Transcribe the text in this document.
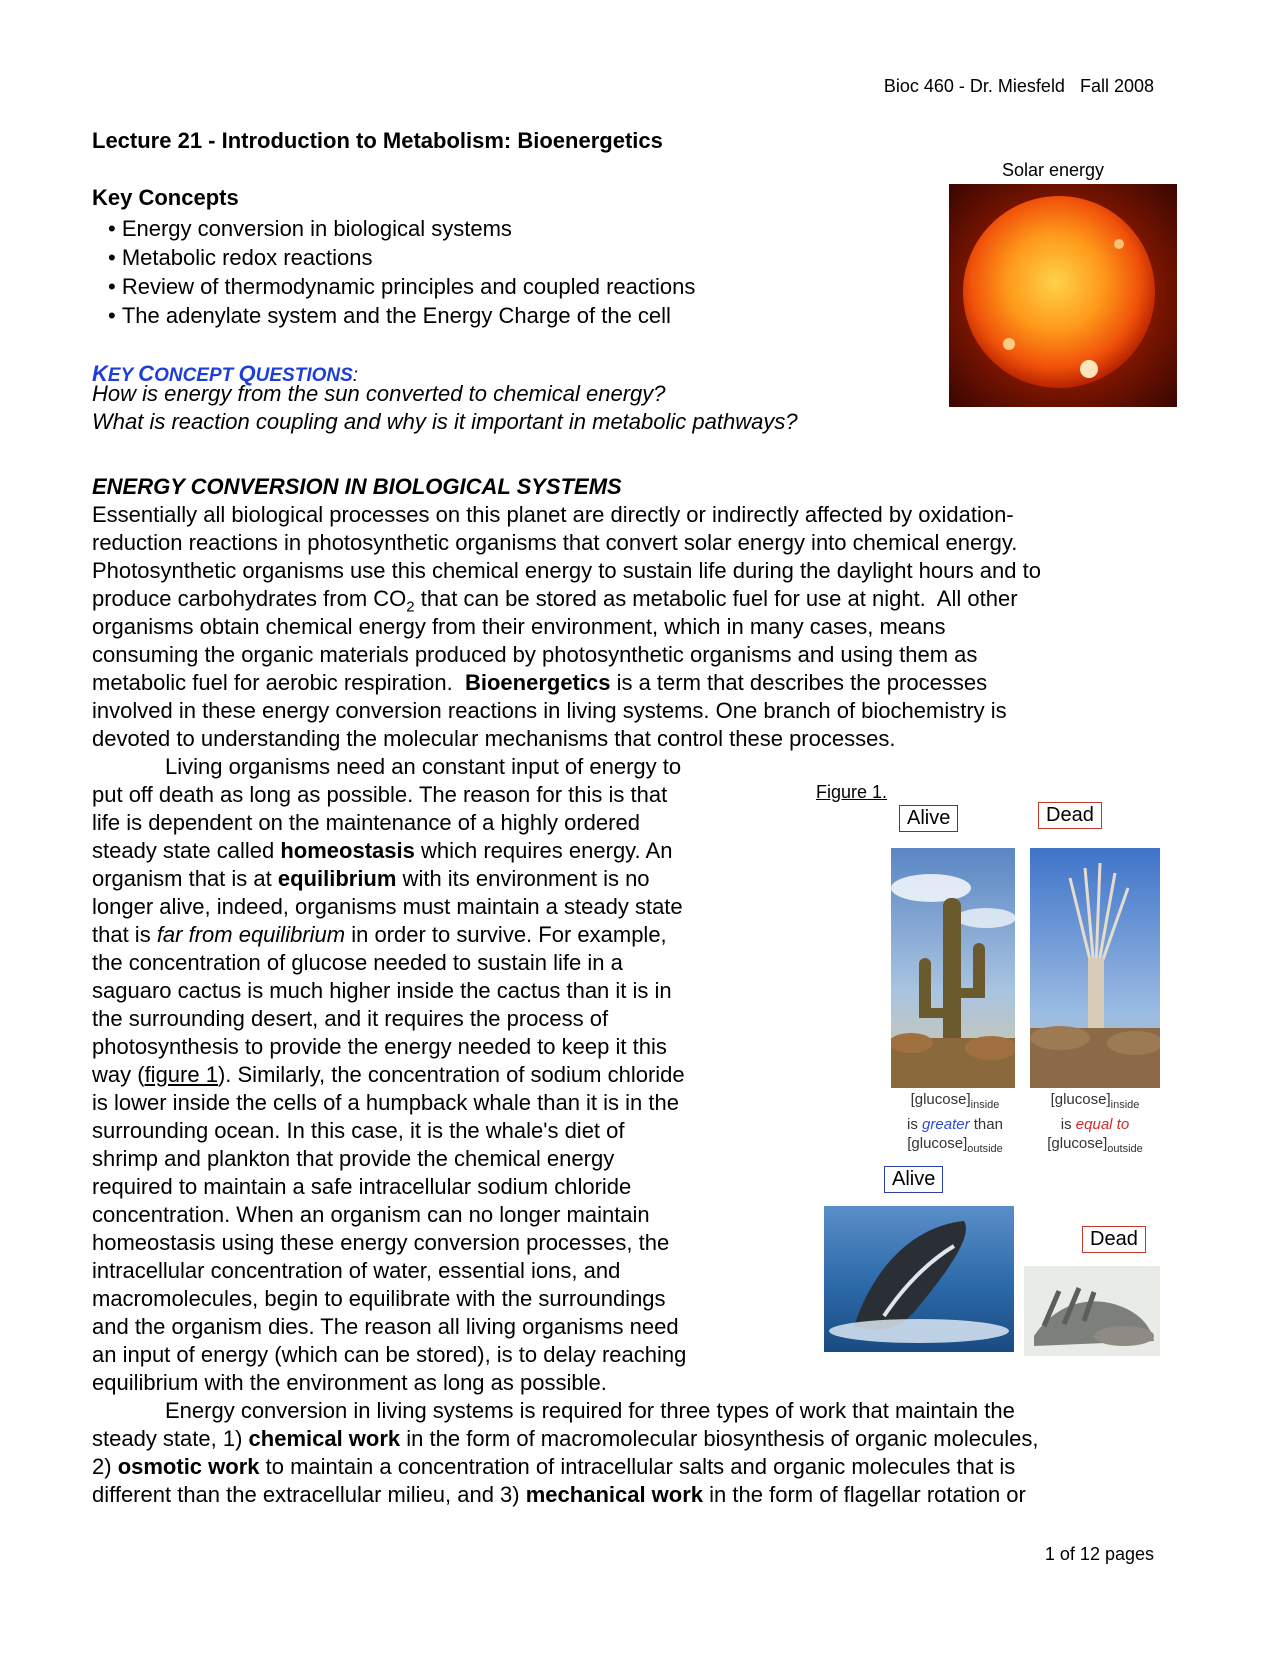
Bioc 460 - Dr. Miesfeld   Fall 2008
Lecture 21 - Introduction to Metabolism: Bioenergetics
Key Concepts
• Energy conversion in biological systems
• Metabolic redox reactions
• Review of thermodynamic principles and coupled reactions
• The adenylate system and the Energy Charge of the cell
KEY CONCEPT QUESTIONS:
How is energy from the sun converted to chemical energy?
What is reaction coupling and why is it important in metabolic pathways?
Solar energy
ENERGY CONVERSION IN BIOLOGICAL SYSTEMS
Essentially all biological processes on this planet are directly or indirectly affected by oxidation-
reduction reactions in photosynthetic organisms that convert solar energy into chemical energy.
Photosynthetic organisms use this chemical energy to sustain life during the daylight hours and to
produce carbohydrates from $CO_2$ that can be stored as metabolic fuel for use at night.  All other
organisms obtain chemical energy from their environment, which in many cases, means
consuming the organic materials produced by photosynthetic organisms and using them as
metabolic fuel for aerobic respiration.  Bioenergetics is a term that describes the processes
involved in these energy conversion reactions in living systems. One branch of biochemistry is
devoted to understanding the molecular mechanisms that control these processes.
Living organisms need an constant input of energy to
put off death as long as possible. The reason for this is that
life is dependent on the maintenance of a highly ordered
steady state called homeostasis which requires energy. An
organism that is at equilibrium with its environment is no
longer alive, indeed, organisms must maintain a steady state
that is far from equilibrium in order to survive. For example,
the concentration of glucose needed to sustain life in a
saguaro cactus is much higher inside the cactus than it is in
the surrounding desert, and it requires the process of
photosynthesis to provide the energy needed to keep it this
way (figure 1). Similarly, the concentration of sodium chloride
is lower inside the cells of a humpback whale than it is in the
surrounding ocean. In this case, it is the whale's diet of
shrimp and plankton that provide the chemical energy
required to maintain a safe intracellular sodium chloride
concentration. When an organism can no longer maintain
homeostasis using these energy conversion processes, the
intracellular concentration of water, essential ions, and
macromolecules, begin to equilibrate with the surroundings
and the organism dies. The reason all living organisms need
an input of energy (which can be stored), is to delay reaching
equilibrium with the environment as long as possible.
Energy conversion in living systems is required for three types of work that maintain the
steady state, 1) chemical work in the form of macromolecular biosynthesis of organic molecules,
2) osmotic work to maintain a concentration of intracellular salts and organic molecules that is
different than the extracellular milieu, and 3) mechanical work in the form of flagellar rotation or
Figure 1.
Alive	Dead
$[glucose]_{inside}$
is greater than
$[glucose]_{outside}$
$[glucose]_{inside}$
is equal to
$[glucose]_{outside}$
Alive
Dead
1 of 12 pages
